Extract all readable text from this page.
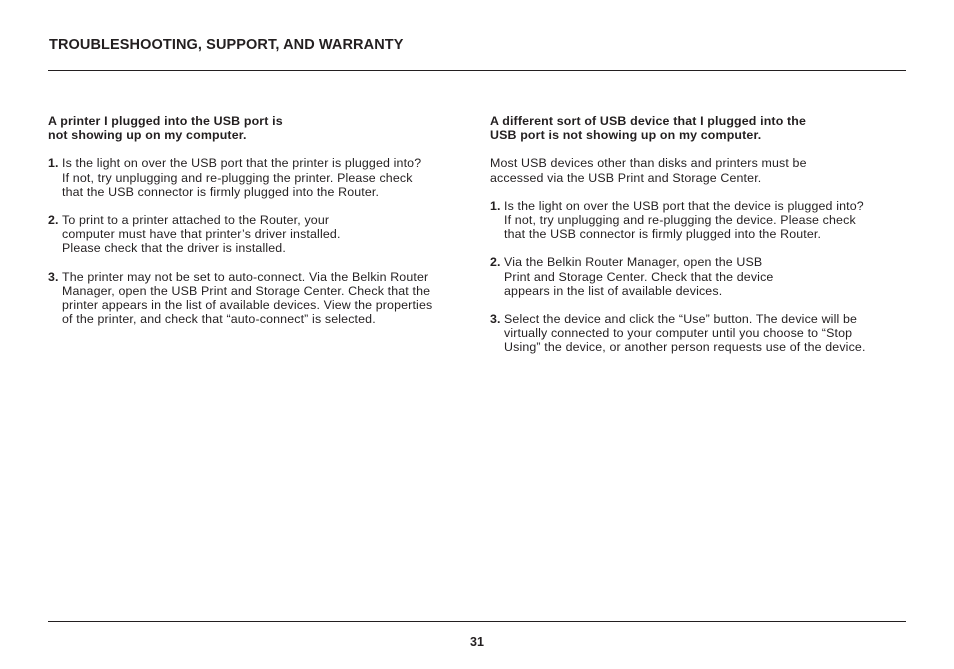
TROUBLESHOOTING, SUPPORT, AND WARRANTY

A printer I plugged into the USB port is
not showing up on my computer.

1. Is the light on over the USB port that the printer is plugged into?
If not, try unplugging and re-plugging the printer. Please check
that the USB connector is firmly plugged into the Router.
2. To print to a printer attached to the Router, your
computer must have that printer’s driver installed.
Please check that the driver is installed.
3. The printer may not be set to auto-connect. Via the Belkin Router
Manager, open the USB Print and Storage Center. Check that the
printer appears in the list of available devices. View the properties
of the printer, and check that “auto-connect” is selected.

A different sort of USB device that I plugged into the
USB port is not showing up on my computer.

Most USB devices other than disks and printers must be
accessed via the USB Print and Storage Center.

1. Is the light on over the USB port that the device is plugged into?
If not, try unplugging and re-plugging the device. Please check
that the USB connector is firmly plugged into the Router.
2. Via the Belkin Router Manager, open the USB
Print and Storage Center. Check that the device
appears in the list of available devices.
3. Select the device and click the “Use” button. The device will be
virtually connected to your computer until you choose to “Stop
Using” the device, or another person requests use of the device.
31
